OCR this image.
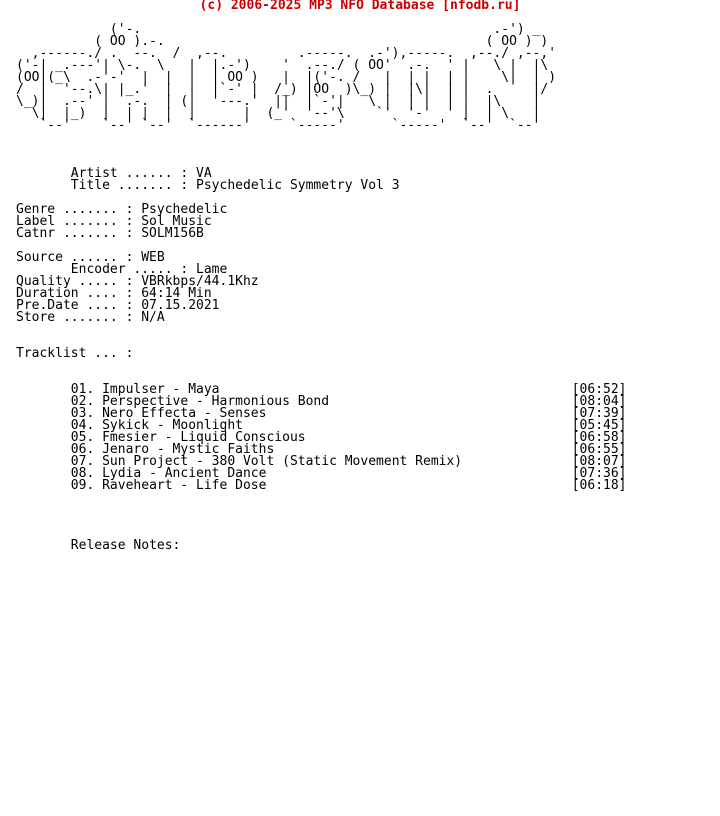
(c) 2006-2025 MP3 NFO Database [nfodb.ru]
('-.                                             .-') _
( OO ).-.                                         ( OO ) )
,------./ .  --.  /  ,--.         .-----.  .-'),-----.  ,--./ ,--,'
('-| _.---'| \-.  \   |  |.-')    '  .--./ ( OO'  .-.  ' |   \ |  |\
(OO|(_\  .-'-'  |  |  |  | OO )   |  |('-. /   |  | |  | |    \|  | )
/  |  '--.\| |_.'  |  |  |`-' |  /_) |OO  )\_) |  |\|  | |  .     |/
\_)|  .--' |  .-.  | (|  '---.'  ||  |`-'|   \ |  | |  | |  |\    |
\|  |_)  |  | |  |  |      |  (_'  '--'\    `'  '-'  ' |  | \   |
`--'    `--' `--'  `------'     `-----'      `-----'  `--'  `--'
Artist ...... : VA
Title ....... : Psychedelic Symmetry Vol 3

Genre ....... : Psychedelic
Label ....... : Sol Music
Catnr ....... : SOLM156B

Source ...... : WEB
Encoder ..... : Lame
Quality ..... : VBRkbps/44.1Khz
Duration .... : 64:14 Min
Pre.Date .... : 07.15.2021
Store ....... : N/A

Tracklist ... :

01. Impulser - Maya	[06:52]
02. Perspective - Harmonious Bond	[08:04]
03. Nero Effecta - Senses	[07:39]
04. Sykick - Moonlight	[05:45]
05. Fmesier - Liquid Conscious	[06:58]
06. Jenaro - Mystic Faiths	[06:55]
07. Sun Project - 380 Volt (Static Movement Remix)	[08:07]
08. Lydia - Ancient Dance	[07:36]
09. Raveheart - Life Dose	[06:18]

Release Notes:
